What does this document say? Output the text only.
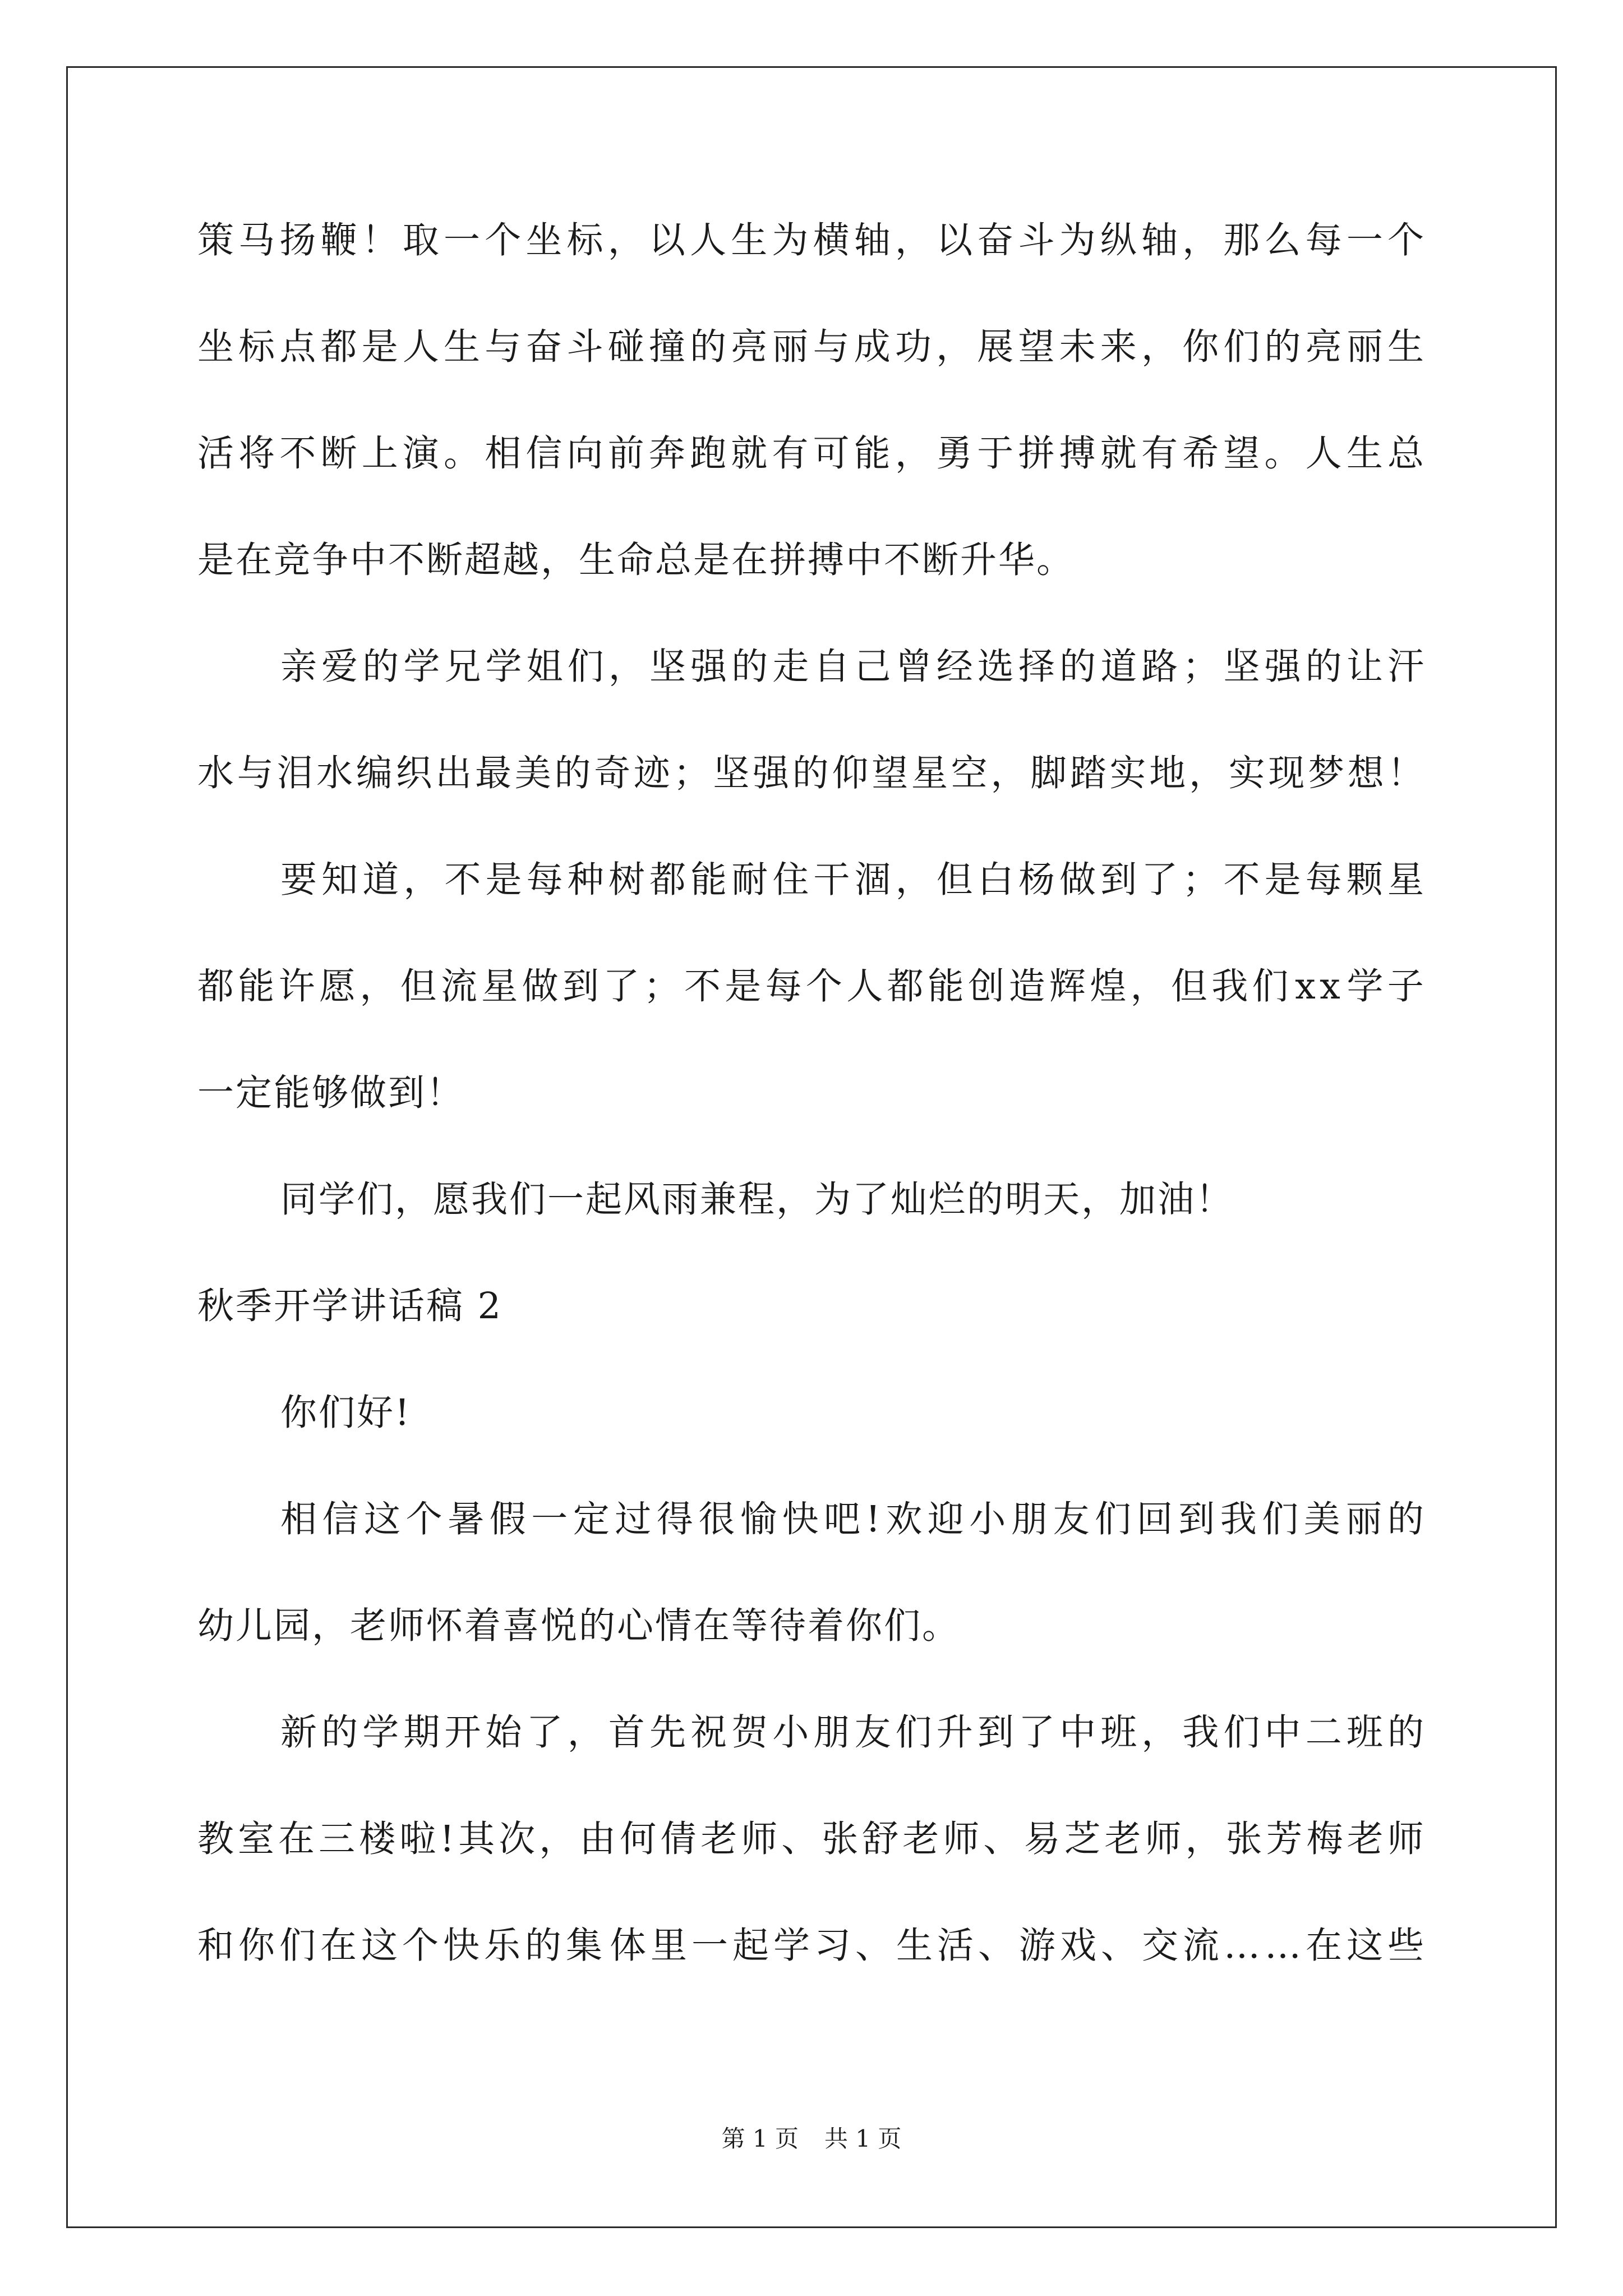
策 马 扬 鞭 ！ 取 一 个 坐 标 ， 以 人 生 为 横 轴 ， 以 奋 斗 为 纵 轴 ， 那 么 每 一 个
坐 标 点 都 是 人 生 与 奋 斗 碰 撞 的 亮 丽 与 成 功 ， 展 望 未 来 ， 你 们 的 亮 丽 生
活 将 不 断 上 演 。 相 信 向 前 奔 跑 就 有 可 能 ， 勇 于 拼 搏 就 有 希 望 。 人 生 总
是在竞争中不断超越，生命总是在拼搏中不断升华。
亲 爱 的 学 兄 学 姐 们 ， 坚 强 的 走 自 己 曾 经 选 择 的 道 路 ； 坚 强 的 让 汗
水 与 泪 水 编 织 出 最 美 的 奇 迹 ； 坚 强 的 仰 望 星 空 ， 脚 踏 实 地 ， 实 现 梦 想 ！
要 知 道 ， 不 是 每 种 树 都 能 耐 住 干 涸 ， 但 白 杨 做 到 了 ； 不 是 每 颗 星
都 能 许 愿 ， 但 流 星 做 到 了 ； 不 是 每 个 人 都 能 创 造 辉 煌 ， 但 我 们 x x 学 子
一定能够做到！
同学们，愿我们一起风雨兼程，为了灿烂的明天，加油！
秋季开学讲话稿 2
你们好!
相 信 这 个 暑 假 一 定 过 得 很 愉 快 吧 ! 欢 迎 小 朋 友 们 回 到 我 们 美 丽 的
幼儿园，老师怀着喜悦的心情在等待着你们。
新 的 学 期 开 始 了 ， 首 先 祝 贺 小 朋 友 们 升 到 了 中 班 ， 我 们 中 二 班 的
教 室 在 三 楼 啦 ! 其 次 ， 由 何 倩 老 师 、 张 舒 老 师 、 易 芝 老 师 ， 张 芳 梅 老 师
和 你 们 在 这 个 快 乐 的 集 体 里 一 起 学 习 、 生 活 、 游 戏 、 交 流 … … 在 这 些
第 1 页 共 1 页
